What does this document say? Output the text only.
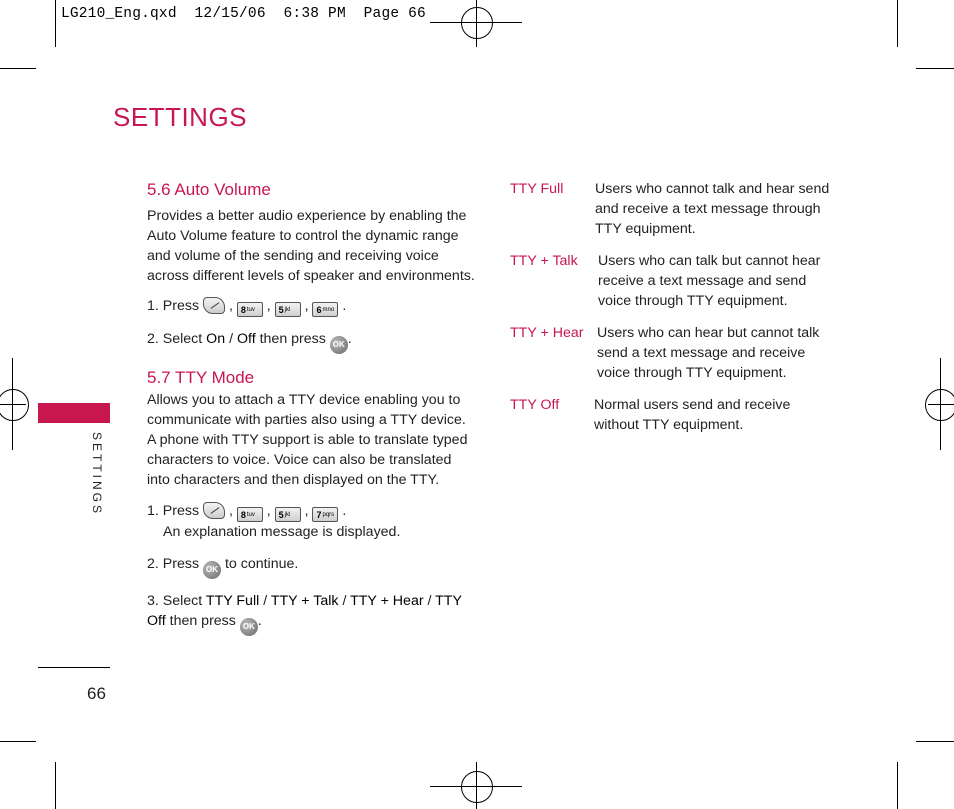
LG210_Eng.qxd  12/15/06  6:38 PM  Page 66
SETTINGS
SETTINGS
66
5.6 Auto Volume
Provides a better audio experience by enabling the Auto Volume feature to control the dynamic range and volume of the sending and receiving voice across different levels of speaker and environments.
1. Press  , $8^{tuv}$ , $5^{jkl}$ , $6^{mno}$ .
2. Select On / Off then press OK .
5.7 TTY Mode
Allows you to attach a TTY device enabling you to communicate with parties also using a TTY device. A phone with TTY support is able to translate typed characters to voice. Voice can also be translated into characters and then displayed on the TTY.
1. Press  , $8^{tuv}$ , $5^{jkl}$ , $7^{pqrs}$ .
An explanation message is displayed.
2. Press OK to continue.
3. Select TTY Full / TTY + Talk / TTY + Hear / TTY Off then press OK .
TTY Full	Users who cannot talk and hear send and receive a text message through TTY equipment.
TTY + Talk	Users who can talk but cannot hear receive a text message and send voice through TTY equipment.
TTY + Hear Users who can hear but cannot talk send a text message and receive voice through TTY equipment.
TTY Off	Normal users send and receive without TTY equipment.
